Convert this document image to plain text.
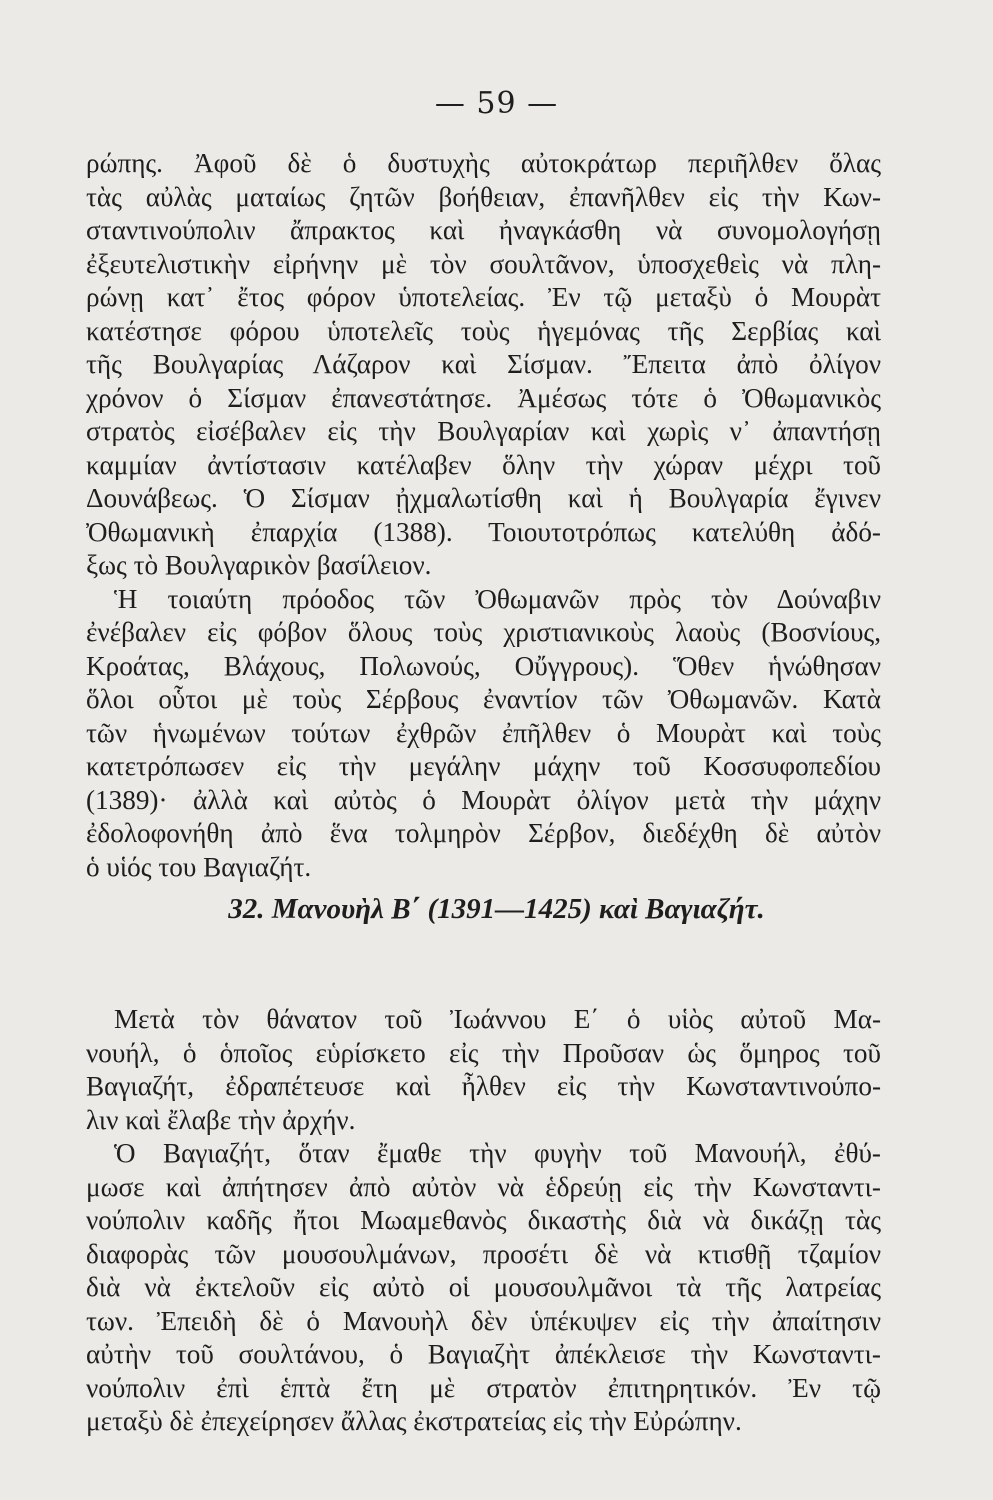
— 59 —
ρώπης. Ἀφοῦ δὲ ὁ δυστυχὴς αὐτοκράτωρ περιῆλθεν ὅλας
τὰς αὐλὰς ματαίως ζητῶν βοήθειαν, ἐπανῆλθεν εἰς τὴν Κων-
σταντινούπολιν ἄπρακτος καὶ ἠναγκάσθη νὰ συνομολογήσῃ
ἐξευτελιστικὴν εἰρήνην μὲ τὸν σουλτᾶνον, ὑποσχεθεὶς νὰ πλη-
ρώνῃ κατ᾽ ἔτος φόρον ὑποτελείας. Ἐν τῷ μεταξὺ ὁ Μουρὰτ
κατέστησε φόρου ὑποτελεῖς τοὺς ἡγεμόνας τῆς Σερβίας καὶ
τῆς Βουλγαρίας Λάζαρον καὶ Σίσμαν. Ἔπειτα ἀπὸ ὀλίγον
χρόνον ὁ Σίσμαν ἐπανεστάτησε. Ἀμέσως τότε ὁ Ὀθωμανικὸς
στρατὸς εἰσέβαλεν εἰς τὴν Βουλγαρίαν καὶ χωρὶς ν᾽ ἀπαντήσῃ
καμμίαν ἀντίστασιν κατέλαβεν ὅλην τὴν χώραν μέχρι τοῦ
Δουνάβεως. Ὁ Σίσμαν ᾐχμαλωτίσθη καὶ ἡ Βουλγαρία ἔγινεν
Ὀθωμανικὴ ἐπαρχία (1388). Τοιουτοτρόπως κατελύθη ἀδό-
ξως τὸ Βουλγαρικὸν βασίλειον.
Ἡ τοιαύτη πρόοδος τῶν Ὀθωμανῶν πρὸς τὸν Δούναβιν
ἐνέβαλεν εἰς φόβον ὅλους τοὺς χριστιανικοὺς λαοὺς (Βοσνίους,
Κροάτας, Βλάχους, Πολωνούς, Οὔγγρους). Ὅθεν ἡνώθησαν
ὅλοι οὗτοι μὲ τοὺς Σέρβους ἐναντίον τῶν Ὀθωμανῶν. Κατὰ
τῶν ἡνωμένων τούτων ἐχθρῶν ἐπῆλθεν ὁ Μουρὰτ καὶ τοὺς
κατετρόπωσεν εἰς τὴν μεγάλην μάχην τοῦ Κοσσυφοπεδίου
(1389)· ἀλλὰ καὶ αὐτὸς ὁ Μουρὰτ ὀλίγον μετὰ τὴν μάχην
ἐδολοφονήθη ἀπὸ ἕνα τολμηρὸν Σέρβον, διεδέχθη δὲ αὐτὸν
ὁ υἱός του Βαγιαζήτ.
32. Μανουὴλ Β΄ (1391—1425) καὶ Βαγιαζήτ.
Μετὰ τὸν θάνατον τοῦ Ἰωάννου Ε΄ ὁ υἱὸς αὐτοῦ Μα-
νουήλ, ὁ ὁποῖος εὑρίσκετο εἰς τὴν Προῦσαν ὡς ὅμηρος τοῦ
Βαγιαζήτ, ἐδραπέτευσε καὶ ἦλθεν εἰς τὴν Κωνσταντινούπο-
λιν καὶ ἔλαβε τὴν ἀρχήν.
Ὁ Βαγιαζήτ, ὅταν ἔμαθε τὴν φυγὴν τοῦ Μανουήλ, ἐθύ-
μωσε καὶ ἀπήτησεν ἀπὸ αὐτὸν νὰ ἑδρεύῃ εἰς τὴν Κωνσταντι-
νούπολιν καδῆς ἤτοι Μωαμεθανὸς δικαστὴς διὰ νὰ δικάζῃ τὰς
διαφορὰς τῶν μουσουλμάνων, προσέτι δὲ νὰ κτισθῇ τζαμίον
διὰ νὰ ἐκτελοῦν εἰς αὐτὸ οἱ μουσουλμᾶνοι τὰ τῆς λατρείας
των. Ἐπειδὴ δὲ ὁ Μανουὴλ δὲν ὑπέκυψεν εἰς τὴν ἀπαίτησιν
αὐτὴν τοῦ σουλτάνου, ὁ Βαγιαζὴτ ἀπέκλεισε τὴν Κωνσταντι-
νούπολιν ἐπὶ ἑπτὰ ἔτη μὲ στρατὸν ἐπιτηρητικόν. Ἐν τῷ
μεταξὺ δὲ ἐπεχείρησεν ἄλλας ἐκστρατείας εἰς τὴν Εὐρώπην.
